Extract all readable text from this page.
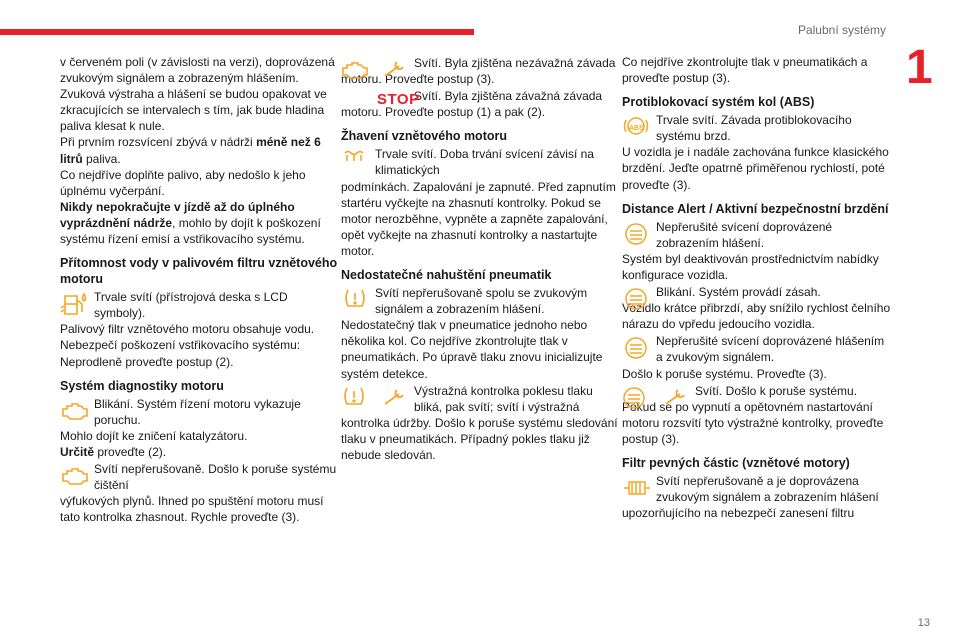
Palubní systémy
1
13

v červeném poli (v závislosti na verzi), doprovázená zvukovým signálem a zobrazeným hlášením.

Zvuková výstraha a hlášení se budou opakovat ve zkracujících se intervalech s tím, jak bude hladina paliva klesat k nule.

Při prvním rozsvícení zbývá v nádrži méně než 6 litrů paliva.

Co nejdříve doplňte palivo, aby nedošlo k jeho úplnému vyčerpání.

Nikdy nepokračujte v jízdě až do úplného vyprázdnění nádrže, mohlo by dojít k poškození systému řízení emisí a vstřikovacího systému.

Přítomnost vody v palivovém filtru vznětového motoru
Trvale svítí (přístrojová deska s LCD symboly).
Palivový filtr vznětového motoru obsahuje vodu. Nebezpečí poškození vstřikovacího systému: Neprodleně proveďte postup (2).
Systém diagnostiky motoru
Blikání. Systém řízení motoru vykazuje poruchu.
Mohlo dojít ke zničení katalyzátoru.
Určitě proveďte (2).
Svítí nepřerušovaně. Došlo k poruše systému čištění
výfukových plynů. Ihned po spuštění motoru musí tato kontrolka zhasnout. Rychle proveďte (3).
Svítí. Byla zjištěna nezávažná závada
motoru. Proveďte postup (3).
STOP
Svítí. Byla zjištěna závažná závada
motoru. Proveďte postup (1) a pak (2).
Žhavení vznětového motoru
Trvale svítí. Doba trvání svícení závisí na klimatických
podmínkách. Zapalování je zapnuté. Před zapnutím startéru vyčkejte na zhasnutí kontrolky. Pokud se motor nerozběhne, vypněte a zapněte zapalování, opět vyčkejte na zhasnutí kontrolky a nastartujte motor.
Nedostatečné nahuštění pneumatik
Svítí nepřerušovaně spolu se zvukovým signálem a zobrazením hlášení.
Nedostatečný tlak v pneumatice jednoho nebo několika kol. Co nejdříve zkontrolujte tlak v pneumatikách. Po úpravě tlaku znovu inicializujte systém detekce.
Výstražná kontrolka poklesu tlaku bliká, pak svítí; svítí i výstražná
kontrolka údržby. Došlo k poruše systému sledování tlaku v pneumatikách. Případný pokles tlaku již nebude sledován.

Co nejdříve zkontrolujte tlak v pneumatikách a proveďte postup (3).

Protiblokovací systém kol (ABS)
ABS
Trvale svítí. Závada protiblokovacího systému brzd.
U vozidla je i nadále zachována funkce klasického brzdění. Jeďte opatrně přiměřenou rychlostí, poté proveďte (3).
Distance Alert / Aktivní bezpečnostní brzdění
Nepřerušité svícení doprovázené zobrazením hlášení.
Systém byl deaktivován prostřednictvím nabídky konfigurace vozidla.
Blikání. Systém provádí zásah.
Vozidlo krátce přibrzdí, aby snížilo rychlost čelního nárazu do vpředu jedoucího vozidla.
Nepřerušité svícení doprovázené hlášením a zvukovým signálem.
Došlo k poruše systému. Proveďte (3).
Svítí. Došlo k poruše systému.
Pokud se po vypnutí a opětovném nastartování motoru rozsvítí tyto výstražné kontrolky, proveďte postup (3).
Filtr pevných částic (vznětové motory)
Svítí nepřerušovaně a je doprovázena zvukovým signálem a zobrazením hlášení
upozorňujícího na nebezpečí zanesení filtru
